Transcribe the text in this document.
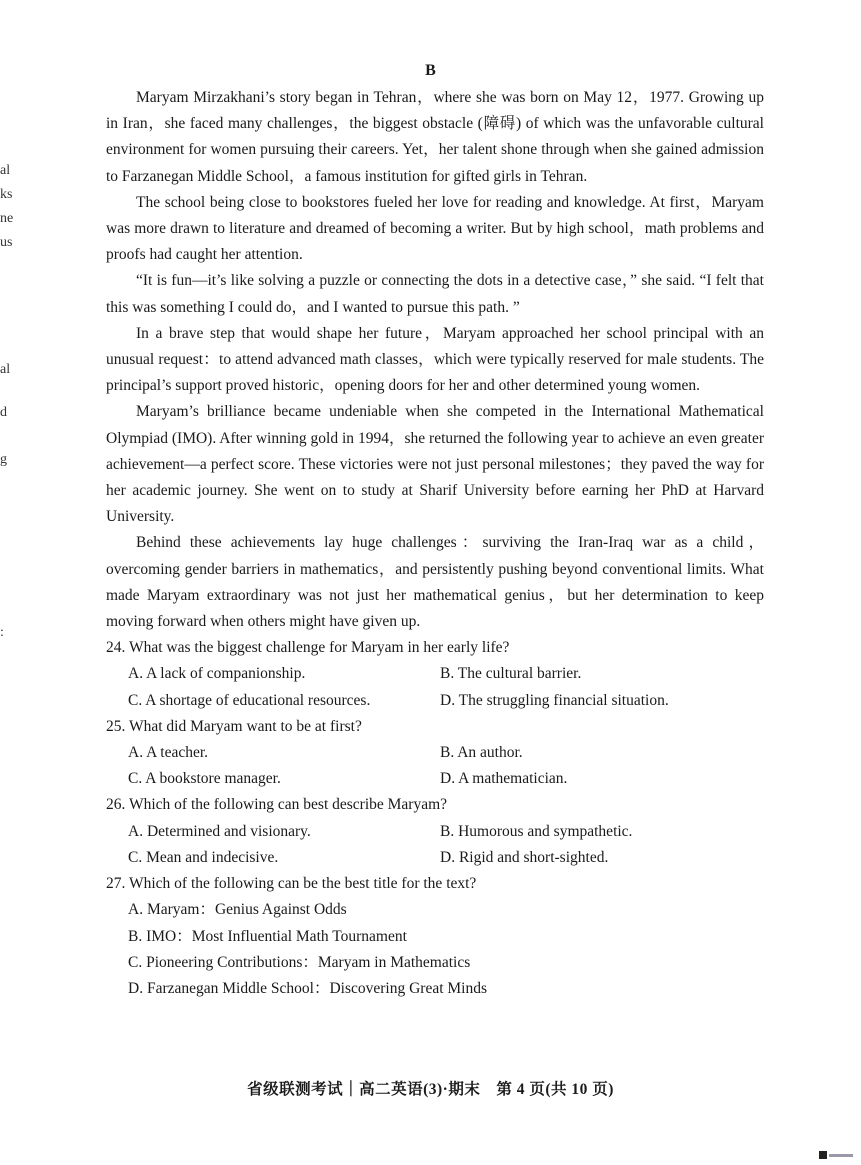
B
al
ks
ne
us
al
d
g
:

Maryam Mirzakhani’s story began in Tehran，where she was born on May 12，1977. Growing up in Iran，she faced many challenges，the biggest obstacle (障碍) of which was the unfavorable cultural environment for women pursuing their careers. Yet，her talent shone through when she gained admission to Farzanegan Middle School，a famous institution for gifted girls in Tehran.

The school being close to bookstores fueled her love for reading and knowledge. At first，Maryam was more drawn to literature and dreamed of becoming a writer. But by high school，math problems and proofs had caught her attention.

“It is fun—it’s like solving a puzzle or connecting the dots in a detective case，” she said. “I felt that this was something I could do，and I wanted to pursue this path. ”

In a brave step that would shape her future，Maryam approached her school principal with an unusual request：to attend advanced math classes，which were typically reserved for male students. The principal’s support proved historic，opening doors for her and other determined young women.

Maryam’s brilliance became undeniable when she competed in the International Mathematical Olympiad (IMO). After winning gold in 1994，she returned the following year to achieve an even greater achievement—a perfect score. These victories were not just personal milestones；they paved the way for her academic journey. She went on to study at Sharif University before earning her PhD at Harvard University.

Behind these achievements lay huge challenges：surviving the Iran-Iraq war as a child，overcoming gender barriers in mathematics，and persistently pushing beyond conventional limits. What made Maryam extraordinary was not just her mathematical genius，but her determination to keep moving forward when others might have given up.

24. What was the biggest challenge for Maryam in her early life?

A. A lack of companionship.	B. The cultural barrier.

C. A shortage of educational resources.	D. The struggling financial situation.

25. What did Maryam want to be at first?

A. A teacher.	B. An author.

C. A bookstore manager.	D. A mathematician.

26. Which of the following can best describe Maryam?

A. Determined and visionary.	B. Humorous and sympathetic.

C. Mean and indecisive.	D. Rigid and short-sighted.

27. Which of the following can be the best title for the text?

A. Maryam：Genius Against Odds

B. IMO：Most Influential Math Tournament

C. Pioneering Contributions：Maryam in Mathematics

D. Farzanegan Middle School：Discovering Great Minds

省级联测考试｜高二英语(3)·期末　第 4 页(共 10 页)
